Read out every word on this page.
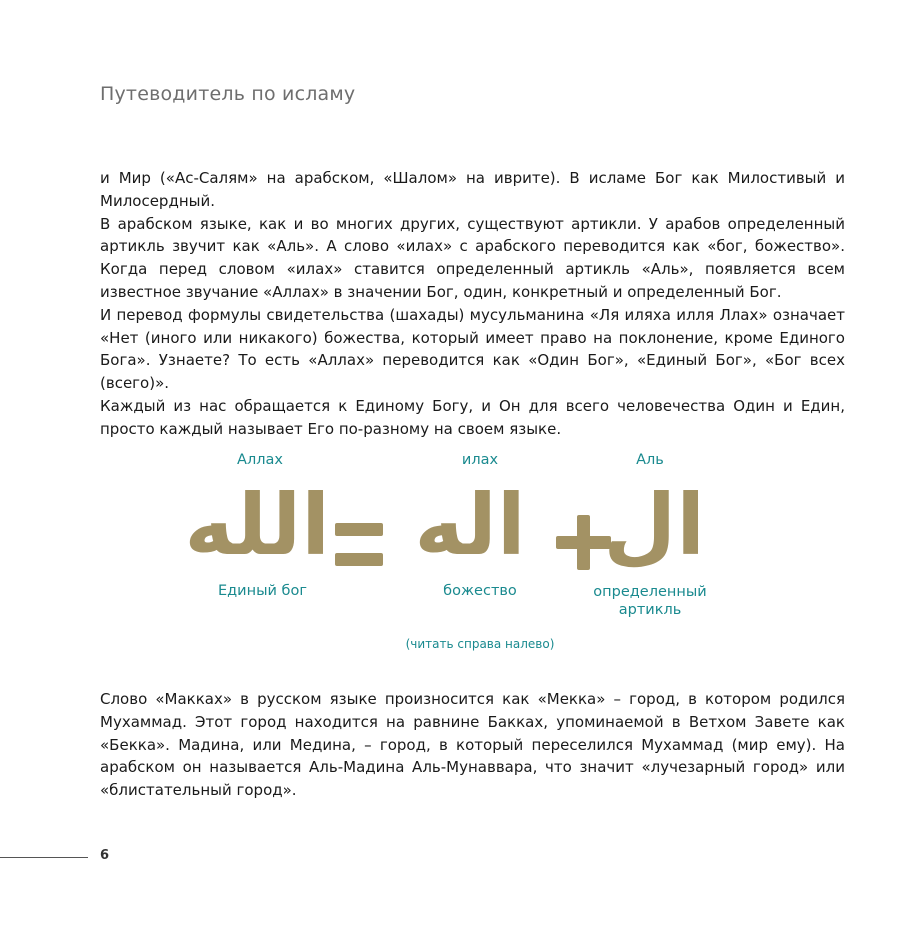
Путеводитель по исламу

и Мир («Ас-Салям» на арабском, «Шалом» на иврите). В исламе Бог как Милостивый и Милосердный.

В арабском языке, как и во многих других, существуют артикли. У арабов определенный артикль звучит как «Аль». А слово «илах» с арабского переводится как «бог, божество». Когда перед словом «илах» ставится определенный артикль «Аль», появляется всем известное звучание «Аллах» в значении Бог, один, конкретный и определенный Бог.

И перевод формулы свидетельства (шахады) мусульманина «Ля иляха илля Ллах» означает «Нет (иного или никакого) божества, который имеет право на поклонение, кроме Единого Бога». Узнаете? То есть «Аллах» переводится как «Один Бог», «Единый Бог», «Бог всех (всего)».

Каждый из нас обращается к Единому Богу, и Он для всего человечества Один и Един, просто каждый называет Его по-разному на своем языке.

Аллах	илах	Аль
الله اله ال
Единый бог	божество	определенный артикль
(читать справа налево)

Слово «Макках» в русском языке произносится как «Мекка» – город, в котором родился Мухаммад. Этот город находится на равнине Бакках, упоминаемой в Ветхом Завете как «Бекка». Мадина, или Медина, – город, в который переселился Мухаммад (мир ему). На арабском он называется Аль-Мадина Аль-Мунаввара, что значит «лучезарный город» или «блистательный город».

6
